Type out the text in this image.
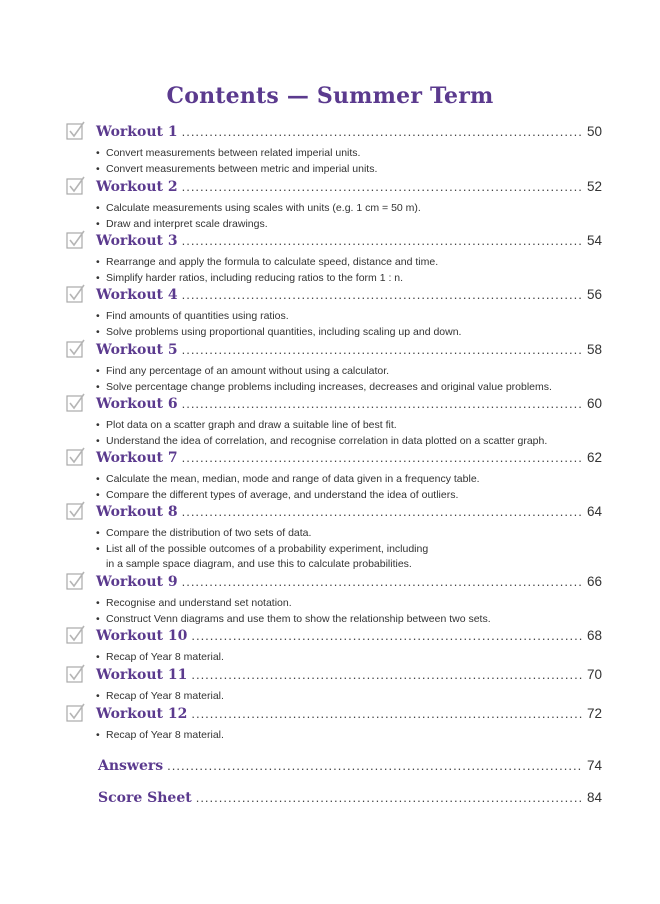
Contents — Summer Term
Workout 1 .....	50
• Convert measurements between related imperial units.
• Convert measurements between metric and imperial units.
Workout 2 .....	52
• Calculate measurements using scales with units (e.g. 1 cm = 50 m).
• Draw and interpret scale drawings.
Workout 3 .....	54
• Rearrange and apply the formula to calculate speed, distance and time.
• Simplify harder ratios, including reducing ratios to the form 1 : n.
Workout 4 .....	56
• Find amounts of quantities using ratios.
• Solve problems using proportional quantities, including scaling up and down.
Workout 5 .....	58
• Find any percentage of an amount without using a calculator.
• Solve percentage change problems including increases, decreases and original value problems.
Workout 6 .....	60
• Plot data on a scatter graph and draw a suitable line of best fit.
• Understand the idea of correlation, and recognise correlation in data plotted on a scatter graph.
Workout 7 .....	62
• Calculate the mean, median, mode and range of data given in a frequency table.
• Compare the different types of average, and understand the idea of outliers.
Workout 8 .....	64
• Compare the distribution of two sets of data.
• List all of the possible outcomes of a probability experiment, including
in a sample space diagram, and use this to calculate probabilities.
Workout 9 .....	66
• Recognise and understand set notation.
• Construct Venn diagrams and use them to show the relationship between two sets.
Workout 10 .....	68
• Recap of Year 8 material.
Workout 11 .....	70
• Recap of Year 8 material.
Workout 12 .....	72
• Recap of Year 8 material.
Answers .....	74
Score Sheet .....	84
